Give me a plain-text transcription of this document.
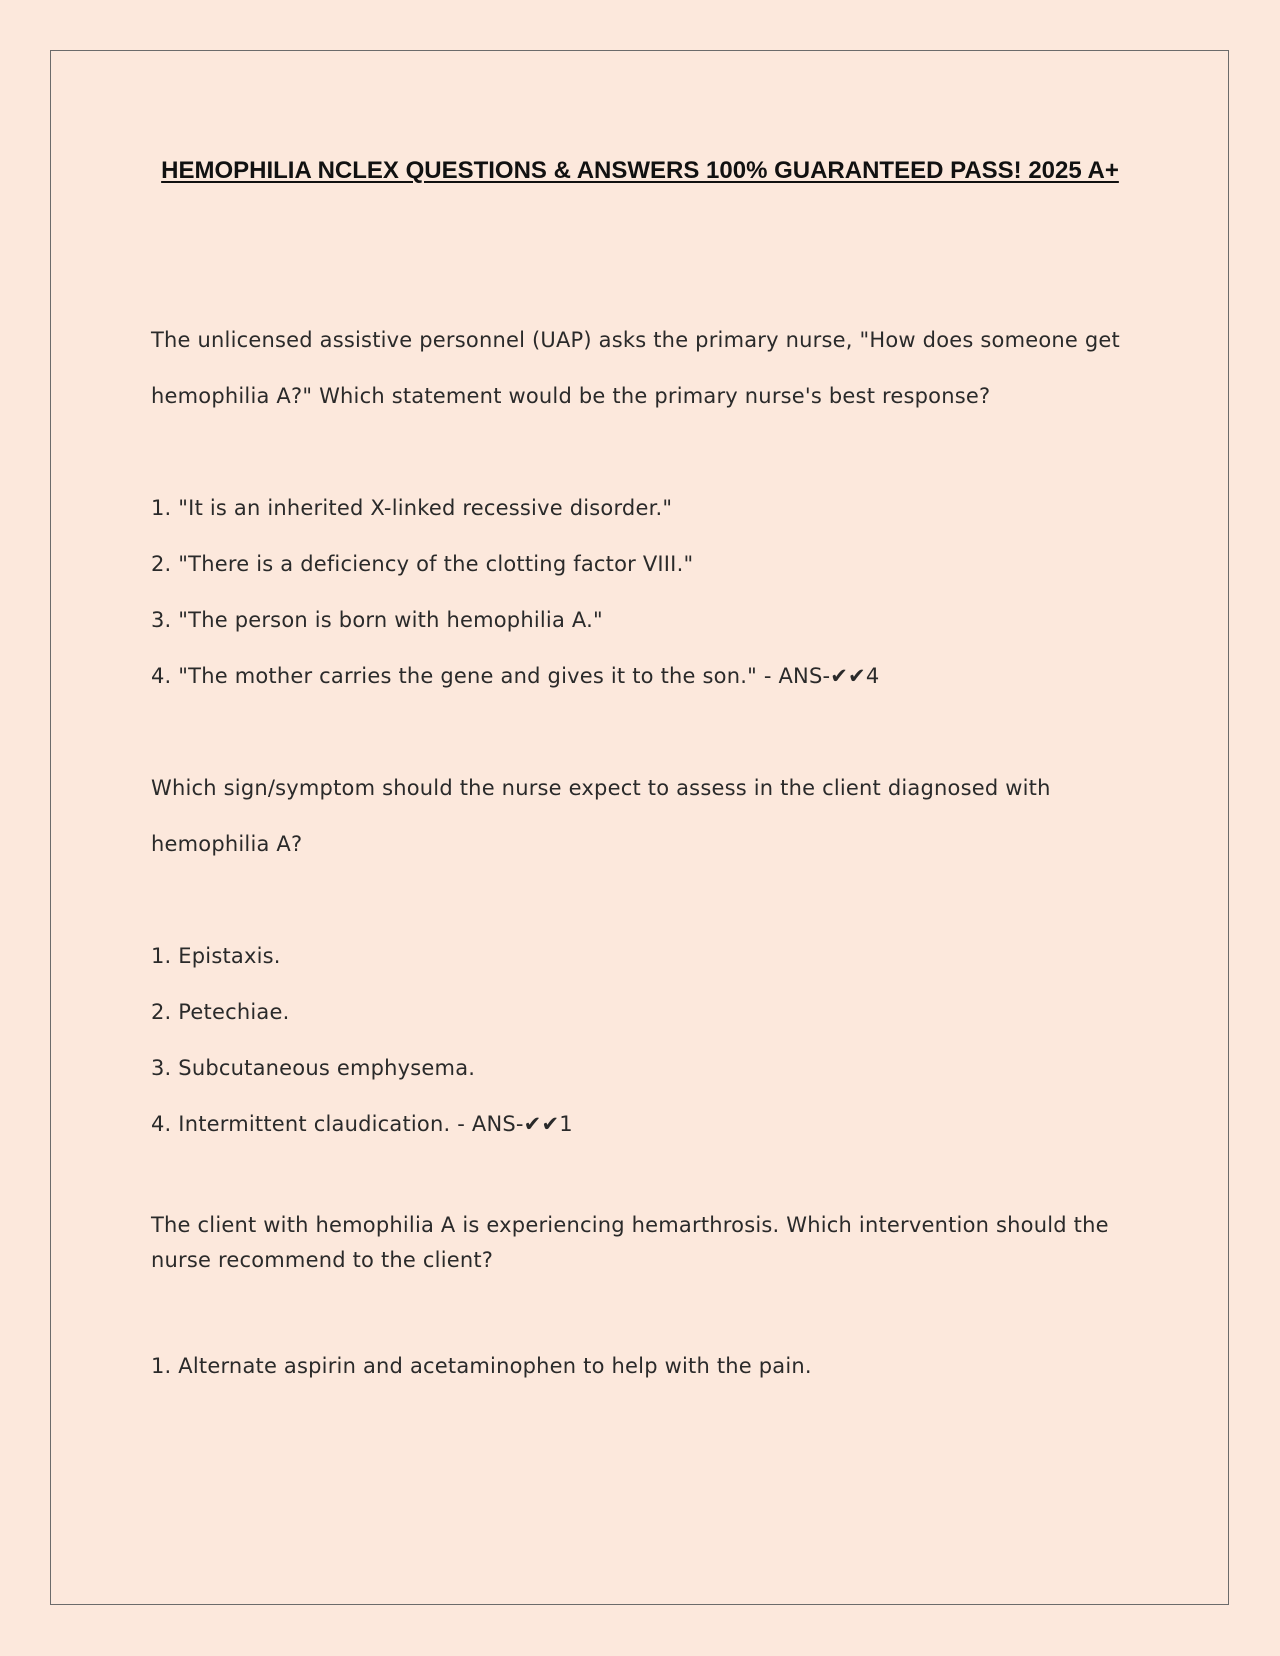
HEMOPHILIA NCLEX QUESTIONS & ANSWERS 100% GUARANTEED PASS! 2025 A+

The unlicensed assistive personnel (UAP) asks the primary nurse, "How does someone get hemophilia A?" Which statement would be the primary nurse's best response?

1. "It is an inherited X-linked recessive disorder."

2. "There is a deficiency of the clotting factor VIII."

3. "The person is born with hemophilia A."

4. "The mother carries the gene and gives it to the son." - ANS-✔✔4

Which sign/symptom should the nurse expect to assess in the client diagnosed with hemophilia A?

1. Epistaxis.

2. Petechiae.

3. Subcutaneous emphysema.

4. Intermittent claudication. - ANS-✔✔1

The client with hemophilia A is experiencing hemarthrosis. Which intervention should the nurse recommend to the client?

1. Alternate aspirin and acetaminophen to help with the pain.
